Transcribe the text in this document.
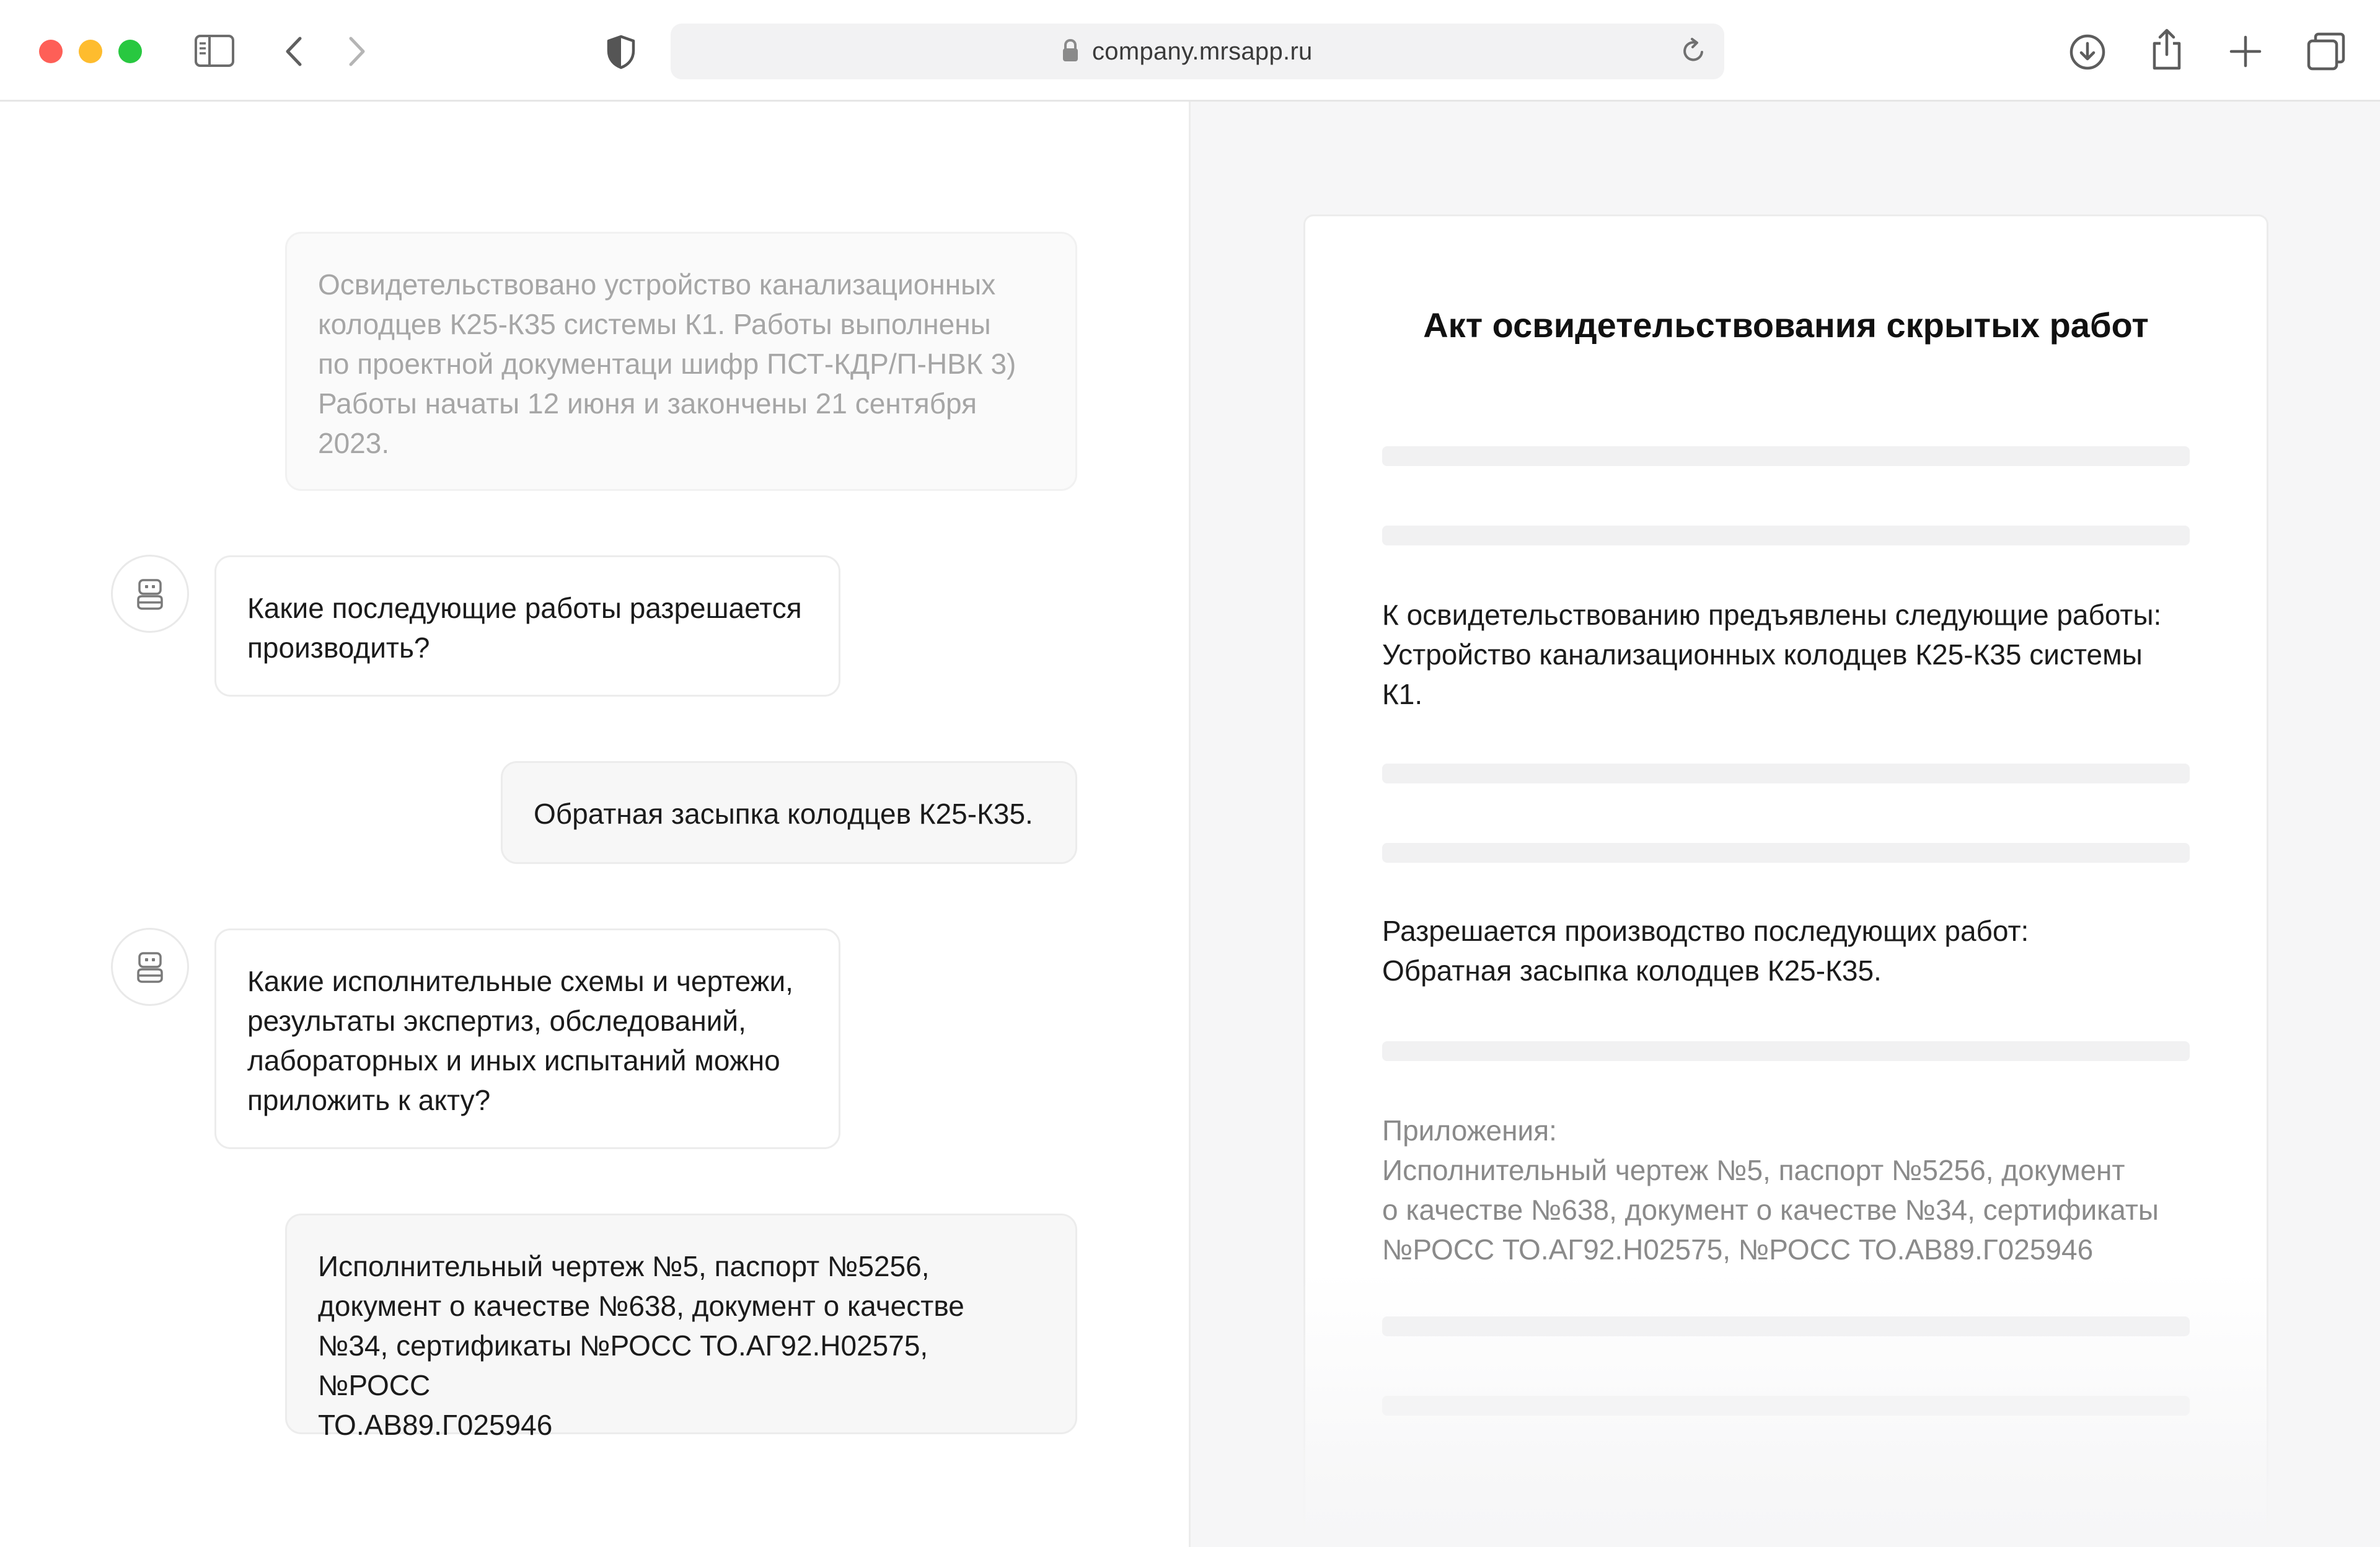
company.mrsapp.ru
Освидетельствовано устройство канализационных
колодцев К25-К35 системы К1. Работы выполнены
по проектной документаци шифр ПСТ-КДР/П-НВК 3)
Работы начаты 12 июня и закончены 21 сентября
2023.
Какие последующие работы разрешается
производить?
Обратная засыпка колодцев К25-К35.
Какие исполнительные схемы и чертежи,
результаты экспертиз, обследований,
лабораторных и иных испытаний можно
приложить к акту?
Исполнительный чертеж №5, паспорт №5256,
документ о качестве №638, документ о качестве
№34, сертификаты №РОСС ТО.АГ92.Н02575, №РОСС
ТО.АВ89.Г025946
Акт освидетельствования скрытых работ
К освидетельствованию предъявлены следующие работы:
Устройство канализационных колодцев К25-К35 системы
К1.
Разрешается производство последующих работ:
Обратная засыпка колодцев К25-К35.
Приложения:
Исполнительный чертеж №5, паспорт №5256, документ
о качестве №638, документ о качестве №34, сертификаты
№РОСС ТО.АГ92.Н02575, №РОСС ТО.АВ89.Г025946
